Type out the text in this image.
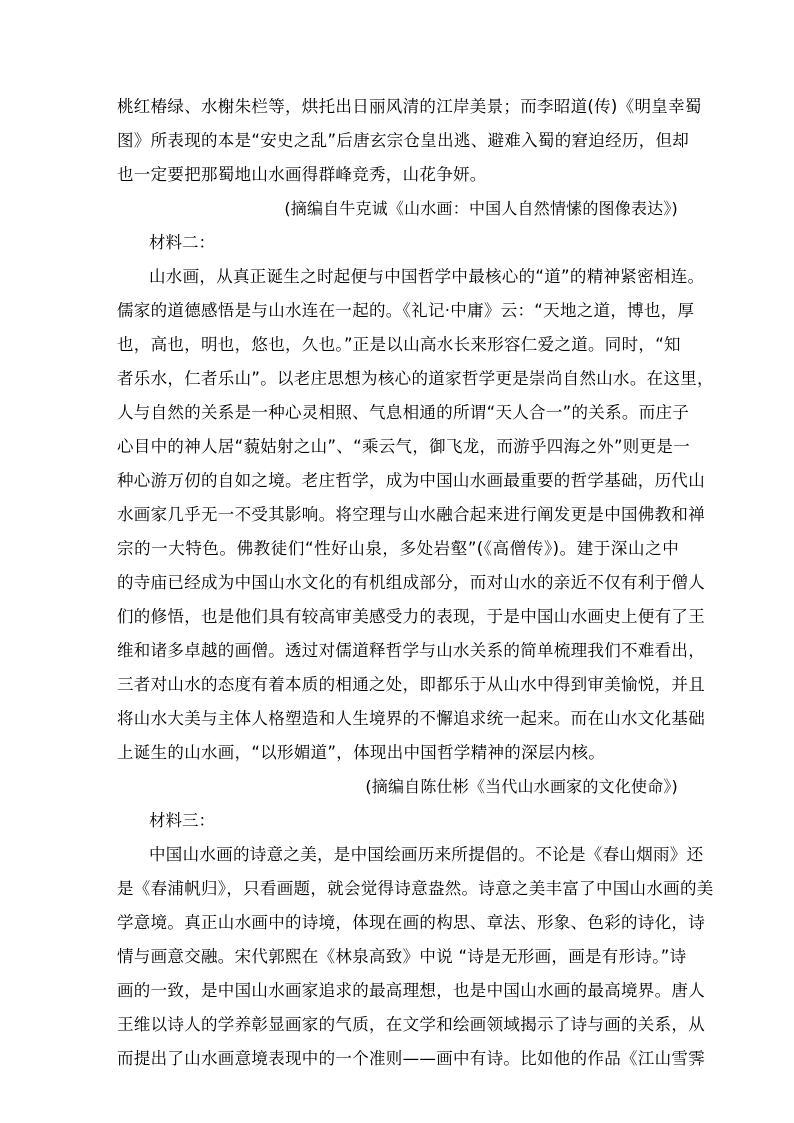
桃红椿绿、水榭朱栏等，烘托出日丽风清的江岸美景；而李昭道(传)《明皇幸蜀
图》所表现的本是“安史之乱”后唐玄宗仓皇出逃、避难入蜀的窘迫经历，但却
也一定要把那蜀地山水画得群峰竞秀，山花争妍。
(摘编自牛克诚《山水画：中国人自然情愫的图像表达》)
材料二：
山水画，从真正诞生之时起便与中国哲学中最核心的“道”的精神紧密相连。
儒家的道德感悟是与山水连在一起的。《礼记·中庸》云：“天地之道，博也，厚
也，高也，明也，悠也，久也。”正是以山高水长来形容仁爱之道。同时，“知
者乐水，仁者乐山”。以老庄思想为核心的道家哲学更是崇尚自然山水。在这里，
人与自然的关系是一种心灵相照、气息相通的所谓“天人合一”的关系。而庄子
心目中的神人居“藐姑射之山”、“乘云气，御飞龙，而游乎四海之外”则更是一
种心游万仞的自如之境。老庄哲学，成为中国山水画最重要的哲学基础，历代山
水画家几乎无一不受其影响。将空理与山水融合起来进行阐发更是中国佛教和禅
宗的一大特色。佛教徒们“性好山泉，多处岩壑”(《高僧传》)。建于深山之中
的寺庙已经成为中国山水文化的有机组成部分，而对山水的亲近不仅有利于僧人
们的修悟，也是他们具有较高审美感受力的表现，于是中国山水画史上便有了王
维和诸多卓越的画僧。透过对儒道释哲学与山水关系的简单梳理我们不难看出，
三者对山水的态度有着本质的相通之处，即都乐于从山水中得到审美愉悦，并且
将山水大美与主体人格塑造和人生境界的不懈追求统一起来。而在山水文化基础
上诞生的山水画，“以形媚道”，体现出中国哲学精神的深层内核。
(摘编自陈仕彬《当代山水画家的文化使命》)
材料三：
中国山水画的诗意之美，是中国绘画历来所提倡的。不论是《春山烟雨》还
是《春浦帆归》，只看画题，就会觉得诗意盎然。诗意之美丰富了中国山水画的美
学意境。真正山水画中的诗境，体现在画的构思、章法、形象、色彩的诗化，诗
情与画意交融。宋代郭熙在《林泉高致》中说 “诗是无形画，画是有形诗。”诗
画的一致，是中国山水画家追求的最高理想，也是中国山水画的最高境界。唐人
王维以诗人的学养彰显画家的气质，在文学和绘画领域揭示了诗与画的关系，从
而提出了山水画意境表现中的一个准则——画中有诗。比如他的作品《江山雪霁
